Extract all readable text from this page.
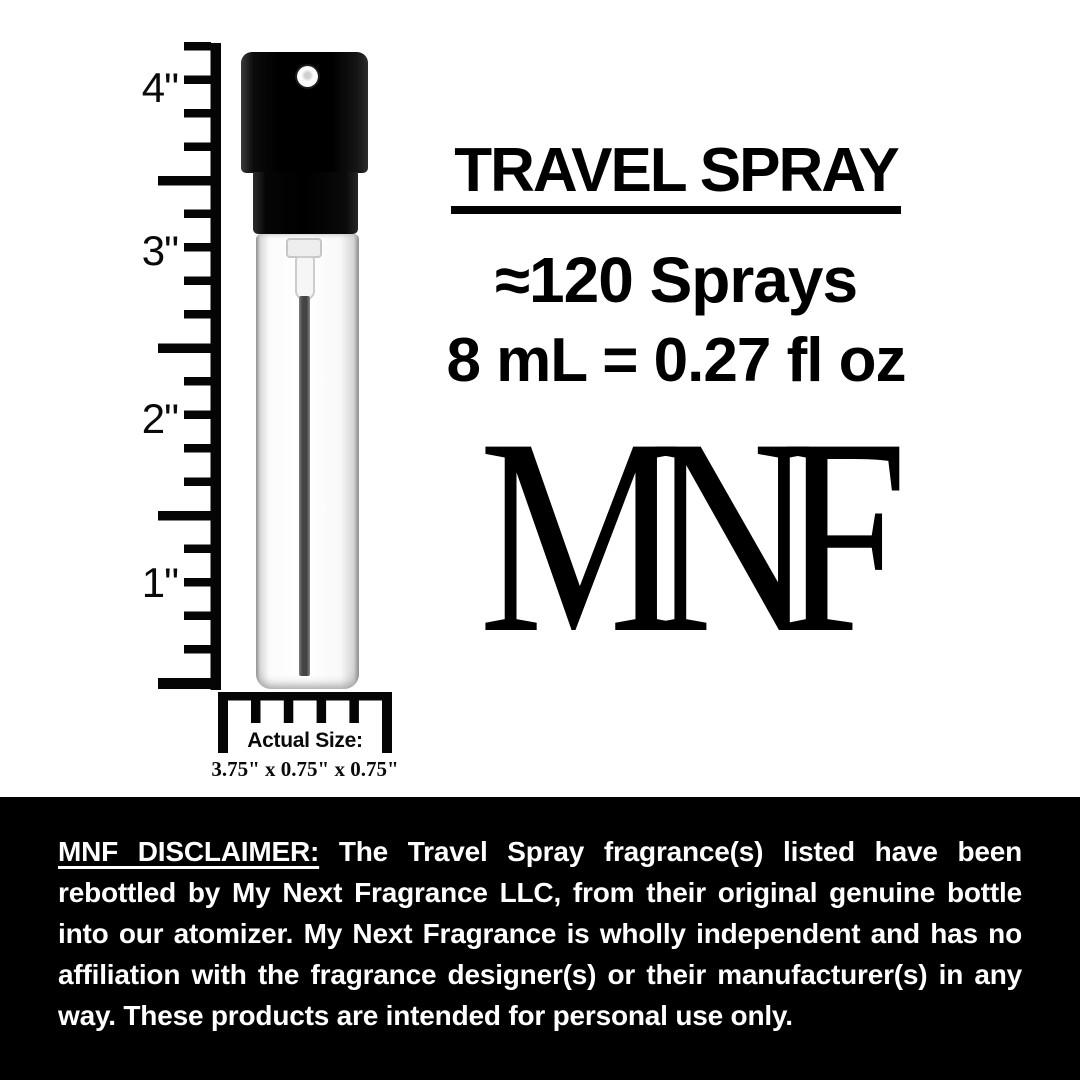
4"
3"
2"
1"
Actual Size:
3.75" x 0.75" x 0.75"
TRAVEL SPRAY
≈120 Sprays
8 mL = 0.27 fl oz
MNF
MNF DISCLAIMER: The Travel Spray fragrance(s) listed have been
rebottled by My Next Fragrance LLC, from their original genuine bottle
into our atomizer. My Next Fragrance is wholly independent and has no
affiliation with the fragrance designer(s) or their manufacturer(s) in any
way. These products are intended for personal use only.
